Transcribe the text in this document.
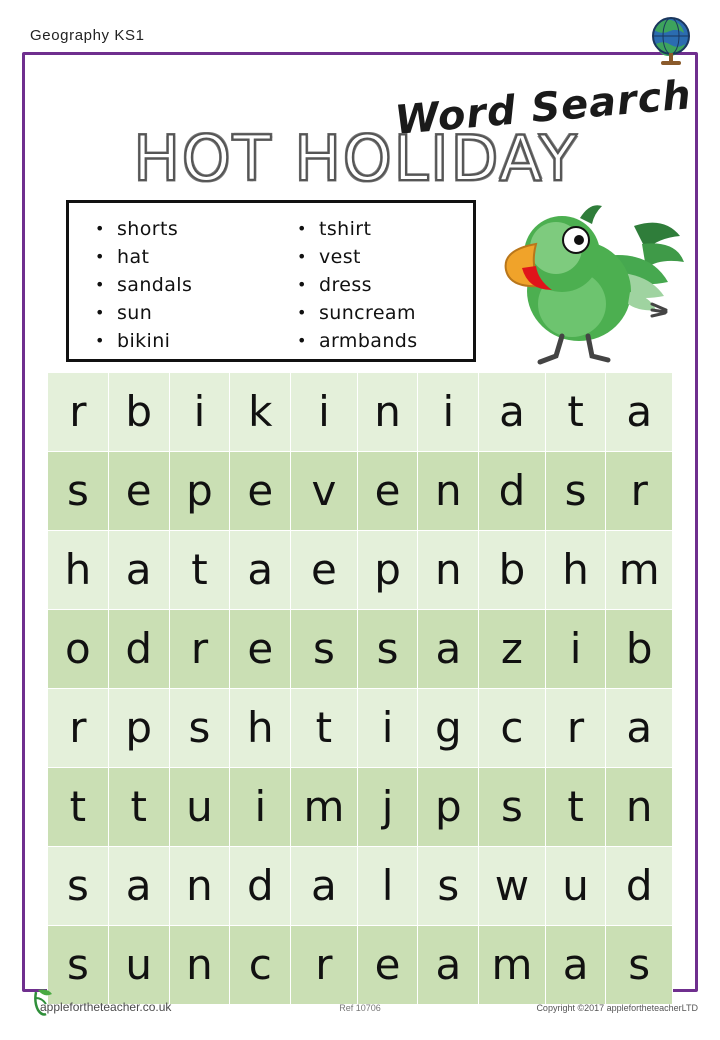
Geography KS1
Word Search
HOT HOLIDAY
• shorts
• hat
• sandals
• sun
• bikini
• tshirt
• vest
• dress
• suncream
• armbands
r	b	i	k	i	n	i	a	t	a
s	e	p	e	v	e	n	d	s	r
h	a	t	a	e	p	n	b	h	m
o	d	r	e	s	s	a	z	i	b
r	p	s	h	t	i	g	c	r	a
t	t	u	i	m	j	p	s	t	n
s	a	n	d	a	l	s	w	u	d
s	u	n	c	r	e	a	m	a	s
applefortheteacher.co.uk	Ref 10706	Copyright ©2017 applefortheteacherLTD
